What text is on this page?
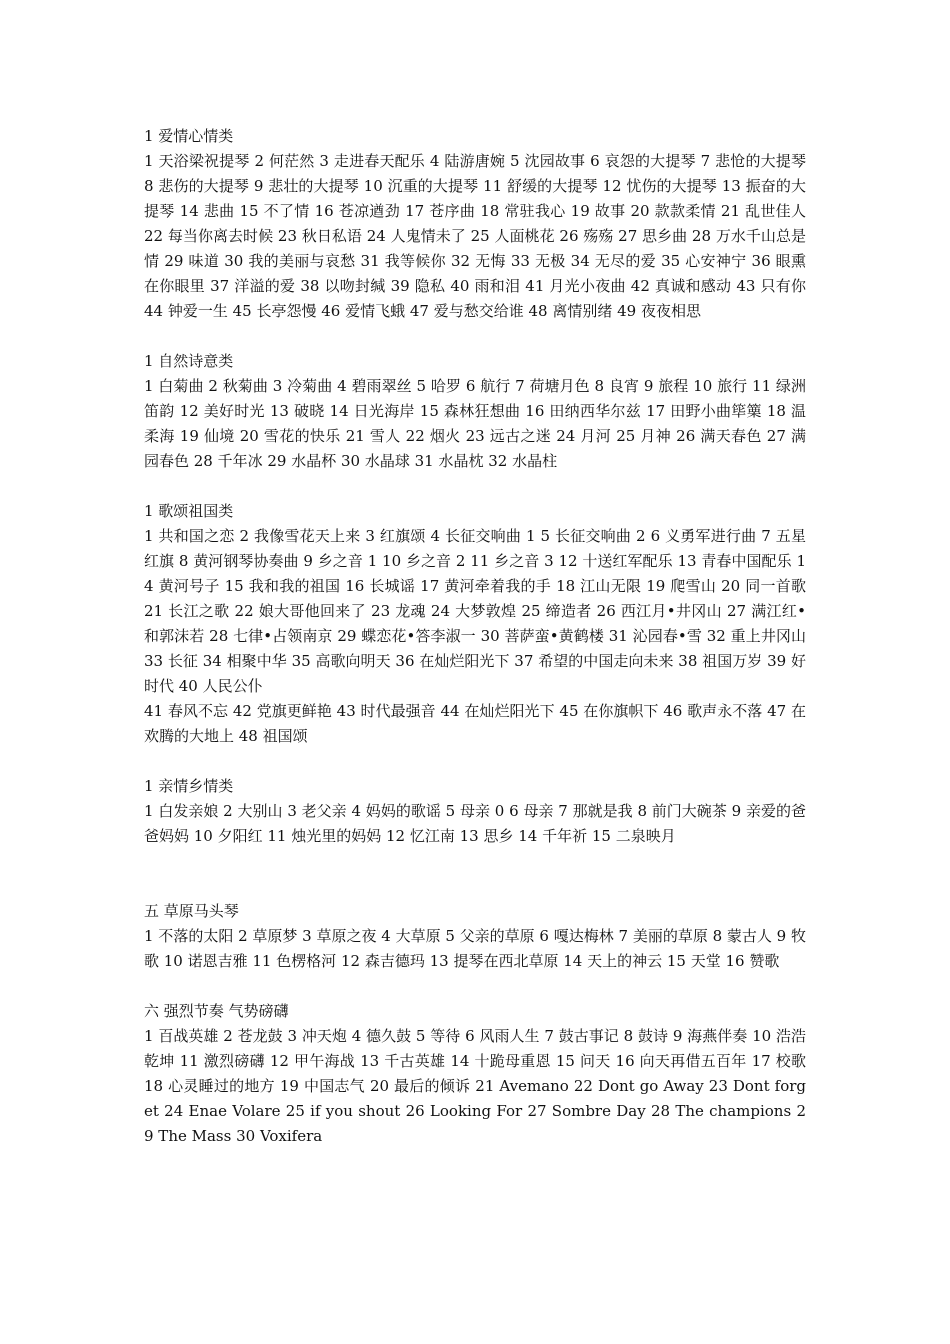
1 爱情心情类

1 天浴梁祝提琴 2 何茫然 3 走进春天配乐 4 陆游唐婉 5 沈园故事 6 哀怨的大提琴 7 悲怆的大提琴 8 悲伤的大提琴 9 悲壮的大提琴 10 沉重的大提琴 11 舒缓的大提琴 12 忧伤的大提琴 13 振奋的大提琴 14 悲曲 15 不了情 16 苍凉遒劲 17 苍序曲 18 常驻我心 19 故事 20 款款柔情 21 乱世佳人 22 每当你离去时候 23 秋日私语 24 人鬼情未了 25 人面桃花 26 殇殇 27 思乡曲 28 万水千山总是情 29 味道 30 我的美丽与哀愁 31 我等候你 32 无悔 33 无极 34 无尽的爱 35 心安神宁 36 眼熏在你眼里 37 洋溢的爱 38 以吻封缄 39 隐私 40 雨和泪 41 月光小夜曲 42 真诚和感动 43 只有你 44 钟爱一生 45 长亭怨慢 46 爱情飞蛾 47 爱与愁交给谁 48 离情别绪 49 夜夜相思

1 自然诗意类

1 白菊曲 2 秋菊曲 3 冷菊曲 4 碧雨翠丝 5 哈罗 6 航行 7 荷塘月色 8 良宵 9 旅程 10 旅行 11 绿洲笛韵 12 美好时光 13 破晓 14 日光海岸 15 森林狂想曲 16 田纳西华尔兹 17 田野小曲筚篥 18 温柔海 19 仙境 20 雪花的快乐 21 雪人 22 烟火 23 远古之迷 24 月河 25 月神 26 满天春色 27 满园春色 28 千年冰 29 水晶杯 30 水晶球 31 水晶枕 32 水晶柱

1 歌颂祖国类

1 共和国之恋 2 我像雪花天上来 3 红旗颂 4 长征交响曲 1 5 长征交响曲 2 6 义勇军进行曲 7 五星红旗 8 黄河钢琴协奏曲 9 乡之音 1 10 乡之音 2 11 乡之音 3 12 十送红军配乐 13 青春中国配乐 14 黄河号子 15 我和我的祖国 16 长城谣 17 黄河牵着我的手 18 江山无限 19 爬雪山 20 同一首歌 21 长江之歌 22 娘大哥他回来了 23 龙魂 24 大梦敦煌 25 缔造者 26 西江月•井冈山 27 满江红•和郭沫若 28 七律•占领南京 29 蝶恋花•答李淑一 30 菩萨蛮•黄鹤楼 31 沁园春•雪 32 重上井冈山 33 长征 34 相聚中华 35 高歌向明天 36 在灿烂阳光下 37 希望的中国走向未来 38 祖国万岁 39 好时代 40 人民公仆

41 春风不忘 42 党旗更鲜艳 43 时代最强音 44 在灿烂阳光下 45 在你旗帜下 46 歌声永不落 47 在欢腾的大地上 48 祖国颂

1 亲情乡情类

1 白发亲娘 2 大别山 3 老父亲 4 妈妈的歌谣 5 母亲 0 6 母亲 7 那就是我 8 前门大碗茶 9 亲爱的爸爸妈妈 10 夕阳红 11 烛光里的妈妈 12 忆江南 13 思乡 14 千年祈 15 二泉映月

五 草原马头琴

1 不落的太阳 2 草原梦 3 草原之夜 4 大草原 5 父亲的草原 6 嘎达梅林 7 美丽的草原 8 蒙古人 9 牧歌 10 诺恩吉雅 11 色楞格河 12 森吉德玛 13 提琴在西北草原 14 天上的神云 15 天堂 16 赞歌

六 强烈节奏 气势磅礴

1 百战英雄 2 苍龙鼓 3 冲天炮 4 德久鼓 5 等待 6 风雨人生 7 鼓古事记 8 鼓诗 9 海燕伴奏 10 浩浩乾坤 11 激烈磅礴 12 甲午海战 13 千古英雄 14 十跪母重恩 15 问天 16 向天再借五百年 17 校歌 18 心灵睡过的地方 19 中国志气 20 最后的倾诉 21 Avemano 22 Dont go Away 23 Dont forget 24 Enae Volare 25 if you shout 26 Looking For 27 Sombre Day 28 The champions 29 The Mass 30 Voxifera
